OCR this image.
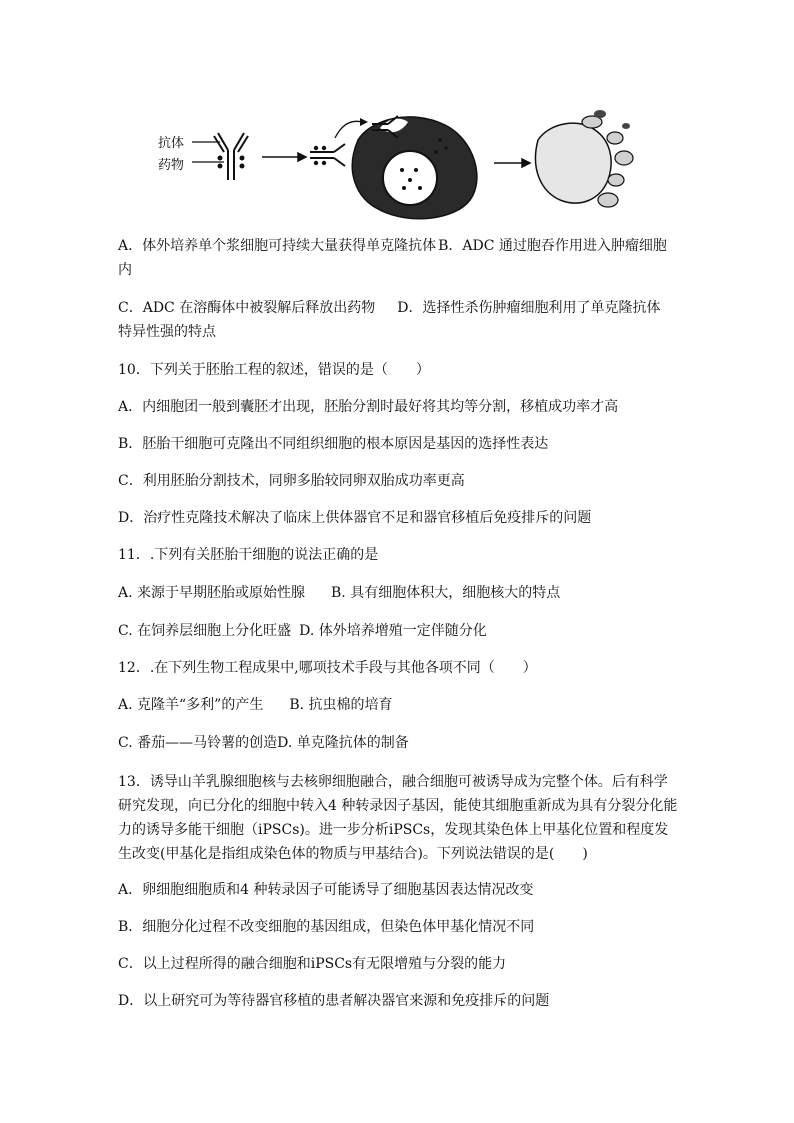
抗体
药物
A．体外培养单个浆细胞可持续大量获得单克隆抗体 B．ADC 通过胞吞作用进入肿瘤细胞
内
C．ADC 在溶酶体中被裂解后释放出药物 D．选择性杀伤肿瘤细胞利用了单克隆抗体
特异性强的特点
10．下列关于胚胎工程的叙述，错误的是（　　）
A．内细胞团一般到囊胚才出现，胚胎分割时最好将其均等分割，移植成功率才高
B．胚胎干细胞可克隆出不同组织细胞的根本原因是基因的选择性表达
C．利用胚胎分割技术，同卵多胎较同卵双胎成功率更高
D．治疗性克隆技术解决了临床上供体器官不足和器官移植后免疫排斥的问题
11．.下列有关胚胎干细胞的说法正确的是
A. 来源于早期胚胎或原始性腺 B. 具有细胞体积大，细胞核大的特点
C. 在饲养层细胞上分化旺盛 D. 体外培养增殖一定伴随分化
12．.在下列生物工程成果中,哪项技术手段与其他各项不同（　　）
A. 克隆羊“多利”的产生 B. 抗虫棉的培育
C. 番茄——马铃薯的创造D. 单克隆抗体的制备
13．诱导山羊乳腺细胞核与去核卵细胞融合，融合细胞可被诱导成为完整个体。后有科学研究发现，向已分化的细胞中转入4 种转录因子基因，能使其细胞重新成为具有分裂分化能力的诱导多能干细胞（iPSCs)。进一步分析iPSCs，发现其染色体上甲基化位置和程度发生改变(甲基化是指组成染色体的物质与甲基结合)。下列说法错误的是(　　)
A．卵细胞细胞质和4 种转录因子可能诱导了细胞基因表达情况改变
B．细胞分化过程不改变细胞的基因组成，但染色体甲基化情况不同
C．以上过程所得的融合细胞和iPSCs有无限增殖与分裂的能力
D．以上研究可为等待器官移植的患者解决器官来源和免疫排斥的问题
